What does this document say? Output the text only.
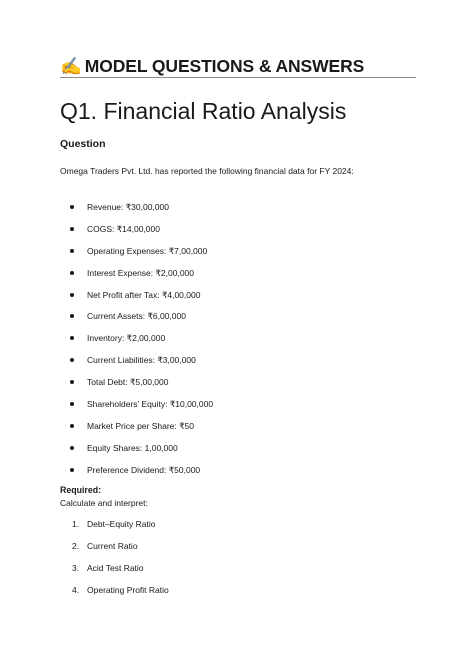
✍ MODEL QUESTIONS & ANSWERS
Q1. Financial Ratio Analysis
Question
Omega Traders Pvt. Ltd. has reported the following financial data for FY 2024:
Revenue: ₹30,00,000
COGS: ₹14,00,000
Operating Expenses: ₹7,00,000
Interest Expense: ₹2,00,000
Net Profit after Tax: ₹4,00,000
Current Assets: ₹6,00,000
Inventory: ₹2,00,000
Current Liabilities: ₹3,00,000
Total Debt: ₹5,00,000
Shareholders’ Equity: ₹10,00,000
Market Price per Share: ₹50
Equity Shares: 1,00,000
Preference Dividend: ₹50,000
Required:
Calculate and interpret:
1. Debt–Equity Ratio
2. Current Ratio
3. Acid Test Ratio
4. Operating Profit Ratio
